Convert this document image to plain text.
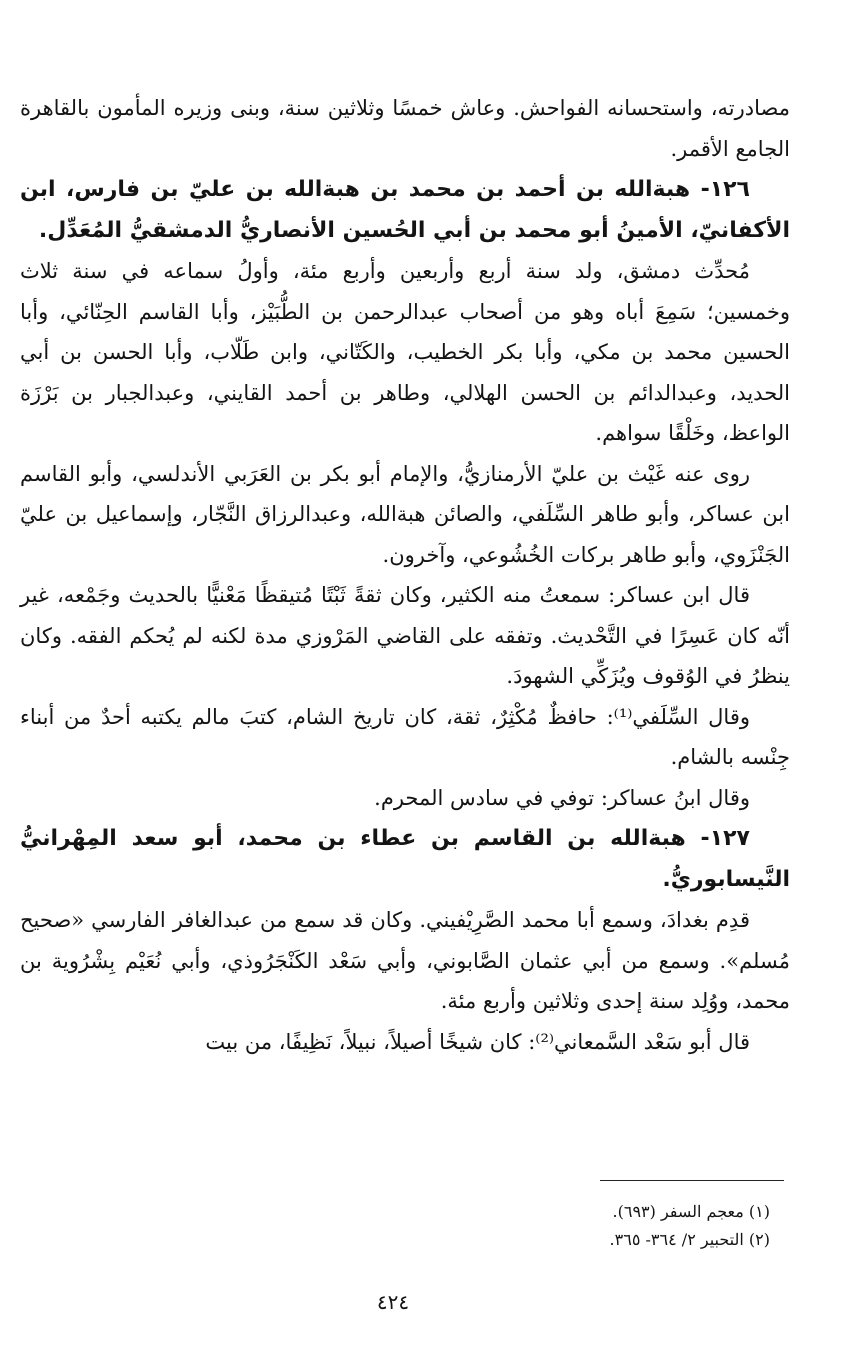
مصادرته، واستحسانه الفواحش. وعاش خمسًا وثلاثين سنة، وبنى وزيره المأمون بالقاهرة الجامع الأقمر.

١٢٦- هبةالله بن أحمد بن محمد بن هبةالله بن عليّ بن فارس، ابن الأكفانيّ، الأمينُ أبو محمد بن أبي الحُسين الأنصاريُّ الدمشقيُّ المُعَدِّل.

مُحدِّث دمشق، ولد سنة أربع وأربعين وأربع مئة، وأولُ سماعه في سنة ثلاث وخمسين؛ سَمِعَ أباه وهو من أصحاب عبدالرحمن بن الطُّبَيْز، وأبا القاسم الحِنّائي، وأبا الحسين محمد بن مكي، وأبا بكر الخطيب، والكَتّاني، وابن طَلّاب، وأبا الحسن بن أبي الحديد، وعبدالدائم بن الحسن الهلالي، وطاهر بن أحمد القايني، وعبدالجبار بن بَرْزَة الواعظ، وخَلْقًا سواهم.

روى عنه غَيْث بن عليّ الأرمنازيُّ، والإمام أبو بكر بن العَرَبي الأندلسي، وأبو القاسم ابن عساكر، وأبو طاهر السِّلَفي، والصائن هبةالله، وعبدالرزاق النَّجّار، وإسماعيل بن عليّ الجَنْزَوي، وأبو طاهر بركات الخُشُوعي، وآخرون.

قال ابن عساكر: سمعتُ منه الكثير، وكان ثقةً ثَبْتًا مُتيقظًا مَعْنيًّا بالحديث وجَمْعه، غير أنّه كان عَسِرًا في التَّحْديث. وتفقه على القاضي المَرْوزي مدة لكنه لم يُحكم الفقه. وكان ينظرُ في الوُقوف ويُزَكِّي الشهودَ.

وقال السِّلَفي⁽¹⁾: حافظٌ مُكْثِرٌ، ثقة، كان تاريخ الشام، كتبَ مالم يكتبه أحدٌ من أبناء جِنْسه بالشام.

وقال ابنُ عساكر: توفي في سادس المحرم.

١٢٧- هبةالله بن القاسم بن عطاء بن محمد، أبو سعد المِهْرانيُّ النَّيسابوريُّ.

قدِم بغدادَ، وسمع أبا محمد الصَّرِيْفيني. وكان قد سمع من عبدالغافر الفارسي «صحيح مُسلم». وسمع من أبي عثمان الصَّابوني، وأبي سَعْد الكَنْجَرُوذي، وأبي نُعَيْم بِشْرُوية بن محمد، ووُلِد سنة إحدى وثلاثين وأربع مئة.

قال أبو سَعْد السَّمعاني⁽²⁾: كان شيخًا أصيلاً، نبيلاً، نَظِيفًا، من بيت

(١) معجم السفر (٦٩٣).

(٢) التحبير ٢/ ٣٦٤- ٣٦٥.

٤٢٤
